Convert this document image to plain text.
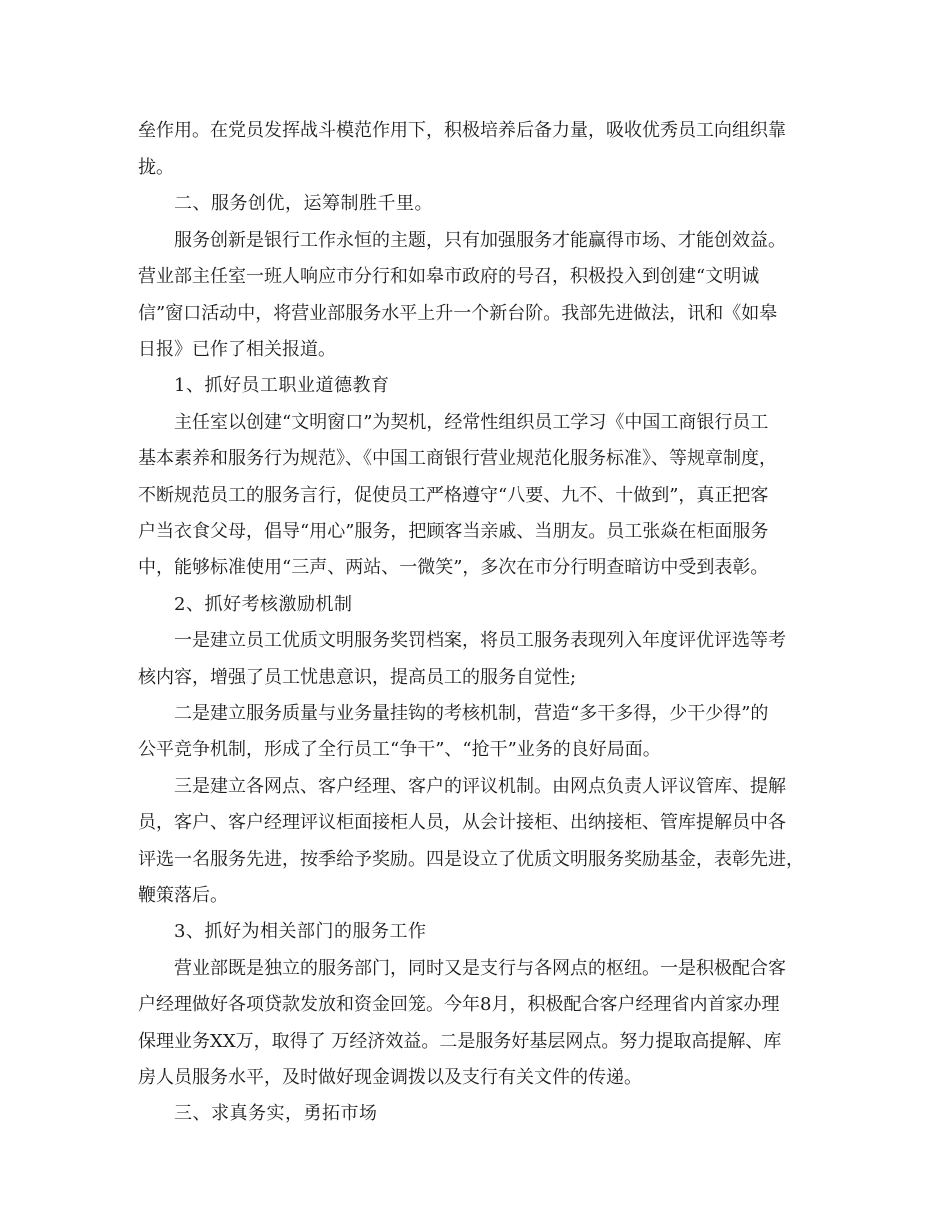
垒作用。在党员发挥战斗模范作用下，积极培养后备力量，吸收优秀员工向组织靠
拢。
二、服务创优，运筹制胜千里。
服务创新是银行工作永恒的主题，只有加强服务才能赢得市场、才能创效益。
营业部主任室一班人响应市分行和如皋市政府的号召，积极投入到创建“文明诚
信”窗口活动中，将营业部服务水平上升一个新台阶。我部先进做法，讯和《如皋
日报》已作了相关报道。
1、抓好员工职业道德教育
主任室以创建“文明窗口”为契机，经常性组织员工学习《中国工商银行员工
基本素养和服务行为规范》、《中国工商银行营业规范化服务标准》、等规章制度，
不断规范员工的服务言行，促使员工严格遵守“八要、九不、十做到”，真正把客
户当衣食父母，倡导“用心”服务，把顾客当亲戚、当朋友。员工张焱在柜面服务
中，能够标准使用“三声、两站、一微笑”，多次在市分行明查暗访中受到表彰。
2、抓好考核激励机制
一是建立员工优质文明服务奖罚档案，将员工服务表现列入年度评优评选等考
核内容，增强了员工忧患意识，提高员工的服务自觉性;
二是建立服务质量与业务量挂钩的考核机制，营造“多干多得，少干少得”的
公平竞争机制，形成了全行员工“争干”、“抢干”业务的良好局面。
三是建立各网点、客户经理、客户的评议机制。由网点负责人评议管库、提解
员，客户、客户经理评议柜面接柜人员，从会计接柜、出纳接柜、管库提解员中各
评选一名服务先进，按季给予奖励。四是设立了优质文明服务奖励基金，表彰先进，
鞭策落后。
3、抓好为相关部门的服务工作
营业部既是独立的服务部门，同时又是支行与各网点的枢纽。一是积极配合客
户经理做好各项贷款发放和资金回笼。今年8月，积极配合客户经理省内首家办理
保理业务XX万，取得了 万经济效益。二是服务好基层网点。努力提取高提解、库
房人员服务水平，及时做好现金调拨以及支行有关文件的传递。
三、求真务实，勇拓市场
